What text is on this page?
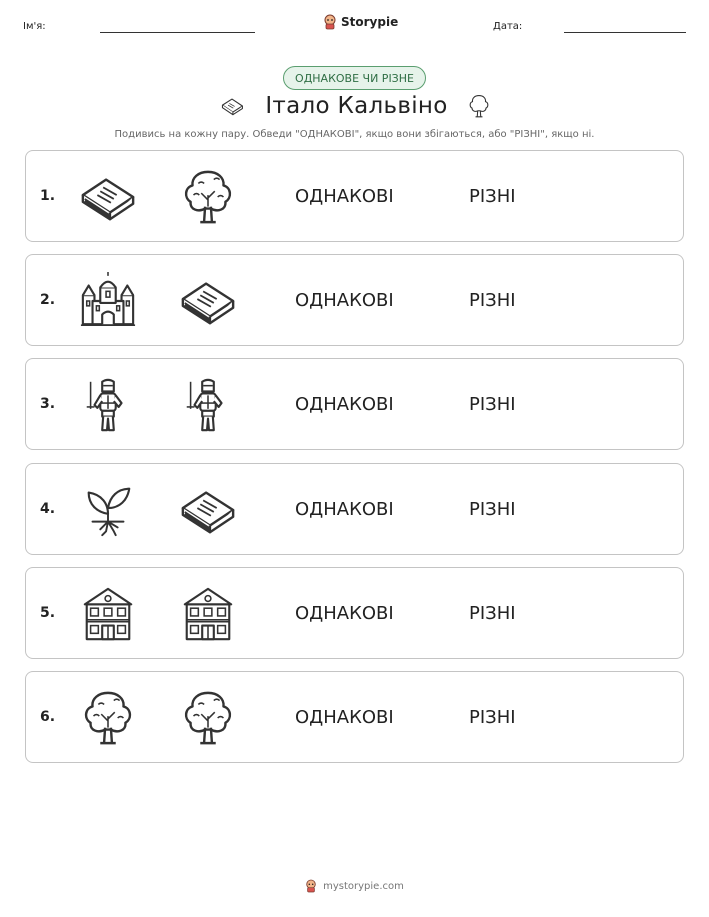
Ім'я:	Storypie	Дата:
ОДНАКОВЕ ЧИ РІЗНЕ
Італо Кальвіно
Подивись на кожну пару. Обведи "ОДНАКОВІ", якщо вони збігаються, або "РІЗНІ", якщо ні.
1.	ОДНАКОВІ	РІЗНІ
2.	ОДНАКОВІ	РІЗНІ
3.	ОДНАКОВІ	РІЗНІ
4.	ОДНАКОВІ	РІЗНІ
5.	ОДНАКОВІ	РІЗНІ
6.	ОДНАКОВІ	РІЗНІ
mystorypie.com
